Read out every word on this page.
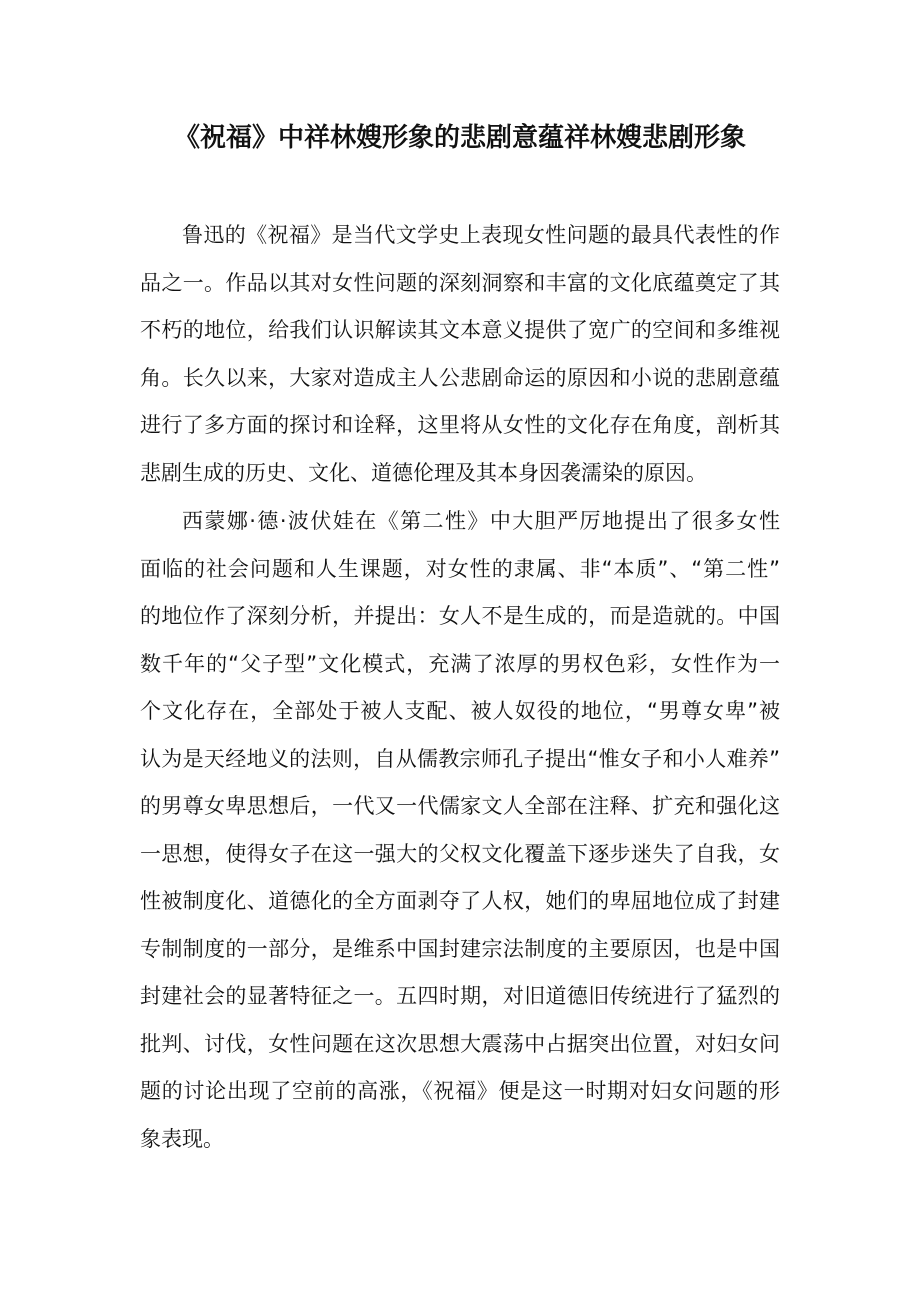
《祝福》中祥林嫂形象的悲剧意蕴祥林嫂悲剧形象
鲁迅的《祝福》是当代文学史上表现女性问题的最具代表性的作
品之一。作品以其对女性问题的深刻洞察和丰富的文化底蕴奠定了其
不朽的地位，给我们认识解读其文本意义提供了宽广的空间和多维视
角。长久以来，大家对造成主人公悲剧命运的原因和小说的悲剧意蕴
进行了多方面的探讨和诠释，这里将从女性的文化存在角度，剖析其
悲剧生成的历史、文化、道德伦理及其本身因袭濡染的原因。
西蒙娜·德·波伏娃在《第二性》中大胆严厉地提出了很多女性
面临的社会问题和人生课题，对女性的隶属、非“本质”、“第二性”
的地位作了深刻分析，并提出：女人不是生成的，而是造就的。中国
数千年的“父子型”文化模式，充满了浓厚的男权色彩，女性作为一
个文化存在，全部处于被人支配、被人奴役的地位，“男尊女卑”被
认为是天经地义的法则，自从儒教宗师孔子提出“惟女子和小人难养”
的男尊女卑思想后，一代又一代儒家文人全部在注释、扩充和强化这
一思想，使得女子在这一强大的父权文化覆盖下逐步迷失了自我，女
性被制度化、道德化的全方面剥夺了人权，她们的卑屈地位成了封建
专制制度的一部分，是维系中国封建宗法制度的主要原因，也是中国
封建社会的显著特征之一。五四时期，对旧道德旧传统进行了猛烈的
批判、讨伐，女性问题在这次思想大震荡中占据突出位置，对妇女问
题的讨论出现了空前的高涨，《祝福》便是这一时期对妇女问题的形
象表现。
